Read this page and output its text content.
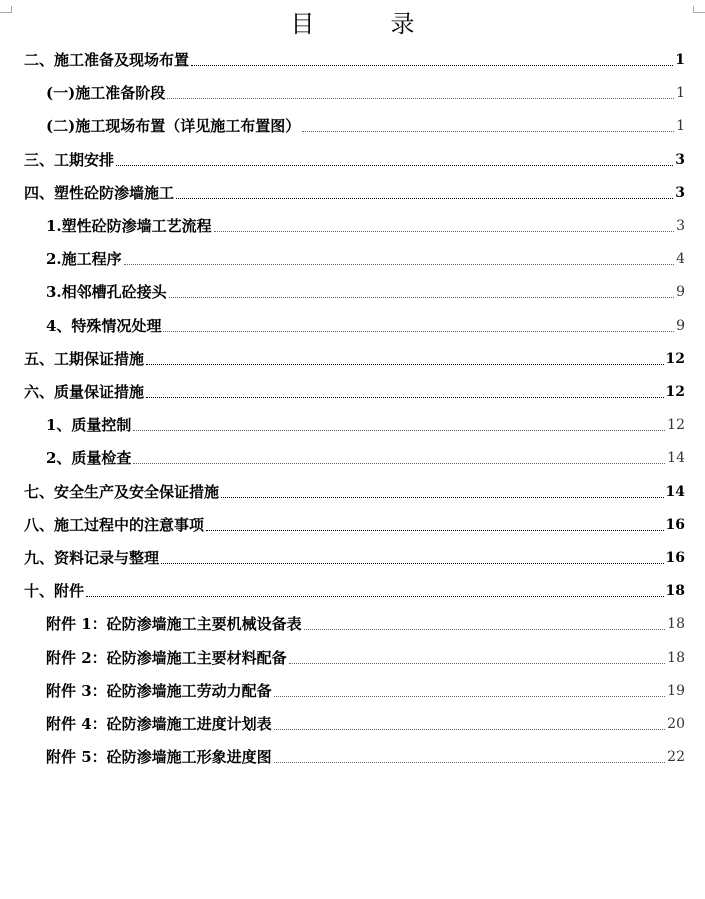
目　录
二、施工准备及现场布置	1
(一)施工准备阶段	1
(二)施工现场布置（详见施工布置图）	1
三、工期安排	3
四、塑性砼防渗墙施工	3
1.塑性砼防渗墙工艺流程	3
2.施工程序	4
3.相邻槽孔砼接头	9
4、特殊情况处理	9
五、工期保证措施	12
六、质量保证措施	12
1、质量控制	12
2、质量检查	14
七、安全生产及安全保证措施	14
八、施工过程中的注意事项	16
九、资料记录与整理	16
十、附件	18
附件 1：砼防渗墙施工主要机械设备表	18
附件 2：砼防渗墙施工主要材料配备	18
附件 3：砼防渗墙施工劳动力配备	19
附件 4：砼防渗墙施工进度计划表	20
附件 5：砼防渗墙施工形象进度图	22
